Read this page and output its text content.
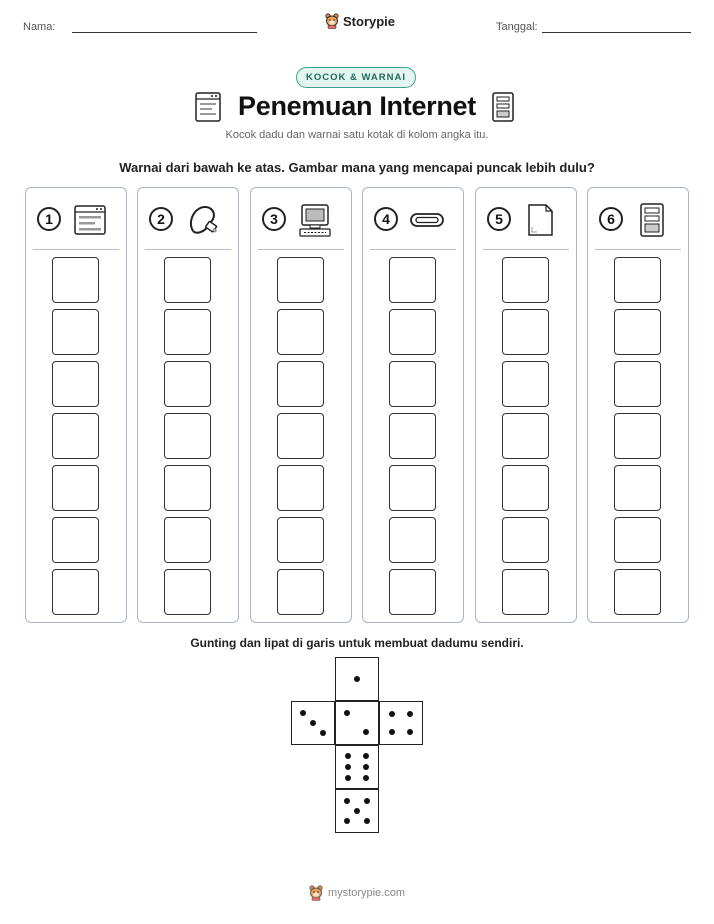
Nama:	Storypie	Tanggal:
KOCOK & WARNAI
Penemuan Internet
Kocok dadu dan warnai satu kotak di kolom angka itu.
Warnai dari bawah ke atas. Gambar mana yang mencapai puncak lebih dulu?
1	2	3	4	5	6
Gunting dan lipat di garis untuk membuat dadumu sendiri.
mystorypie.com
